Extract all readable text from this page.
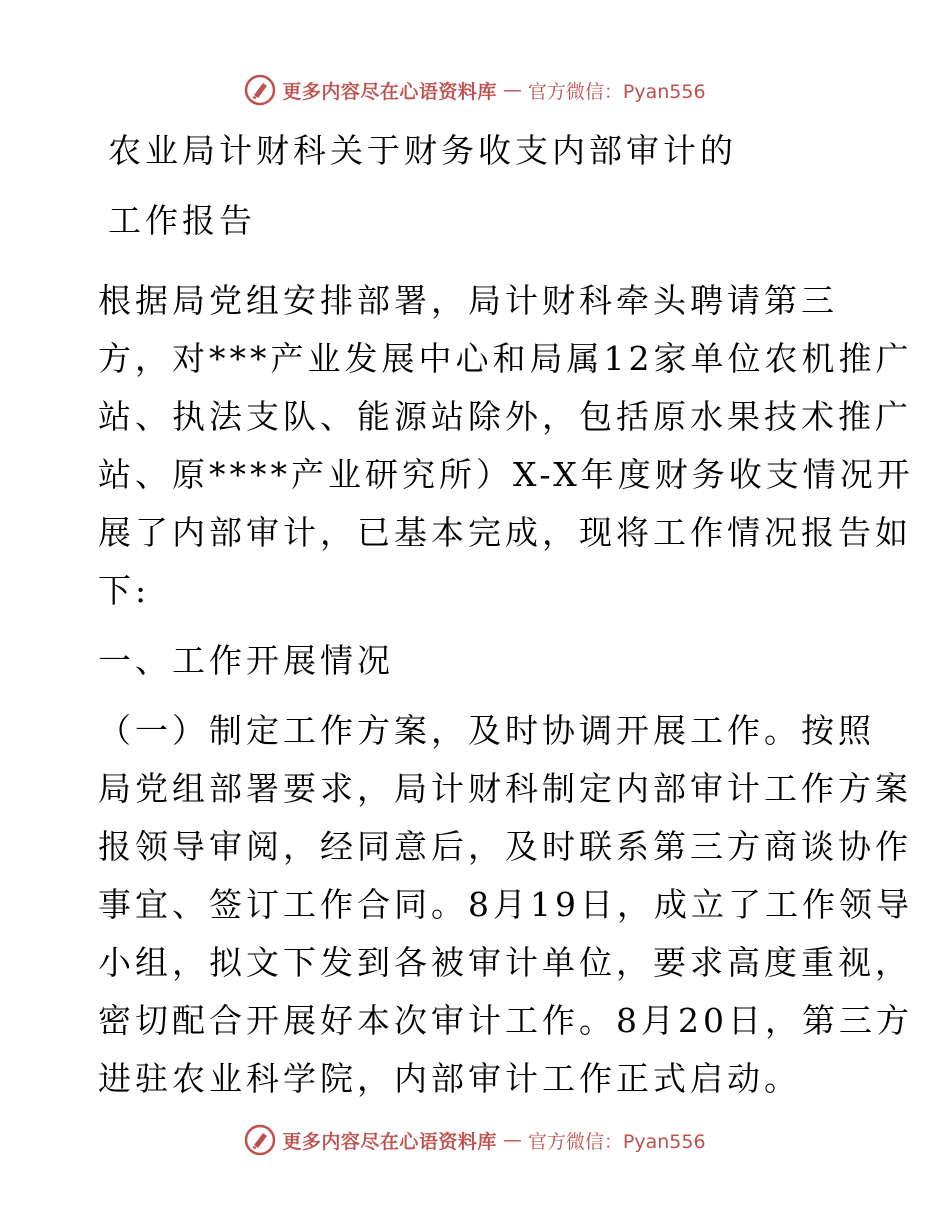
更多内容尽在心语资料库 — 官方微信：Pyan556
农业局计财科关于财务收支内部审计的
工作报告
根据局党组安排部署，局计财科牵头聘请第三
方，对***产业发展中心和局属12家单位农机推广
站、执法支队、能源站除外，包括原水果技术推广
站、原****产业研究所）X-X年度财务收支情况开
展了内部审计，已基本完成，现将工作情况报告如
下:
一、工作开展情况
（一）制定工作方案，及时协调开展工作。按照
局党组部署要求，局计财科制定内部审计工作方案
报领导审阅，经同意后，及时联系第三方商谈协作
事宜、签订工作合同。8月19日，成立了工作领导
小组，拟文下发到各被审计单位，要求高度重视，
密切配合开展好本次审计工作。8月20日，第三方
进驻农业科学院，内部审计工作正式启动。
更多内容尽在心语资料库 — 官方微信：Pyan556
